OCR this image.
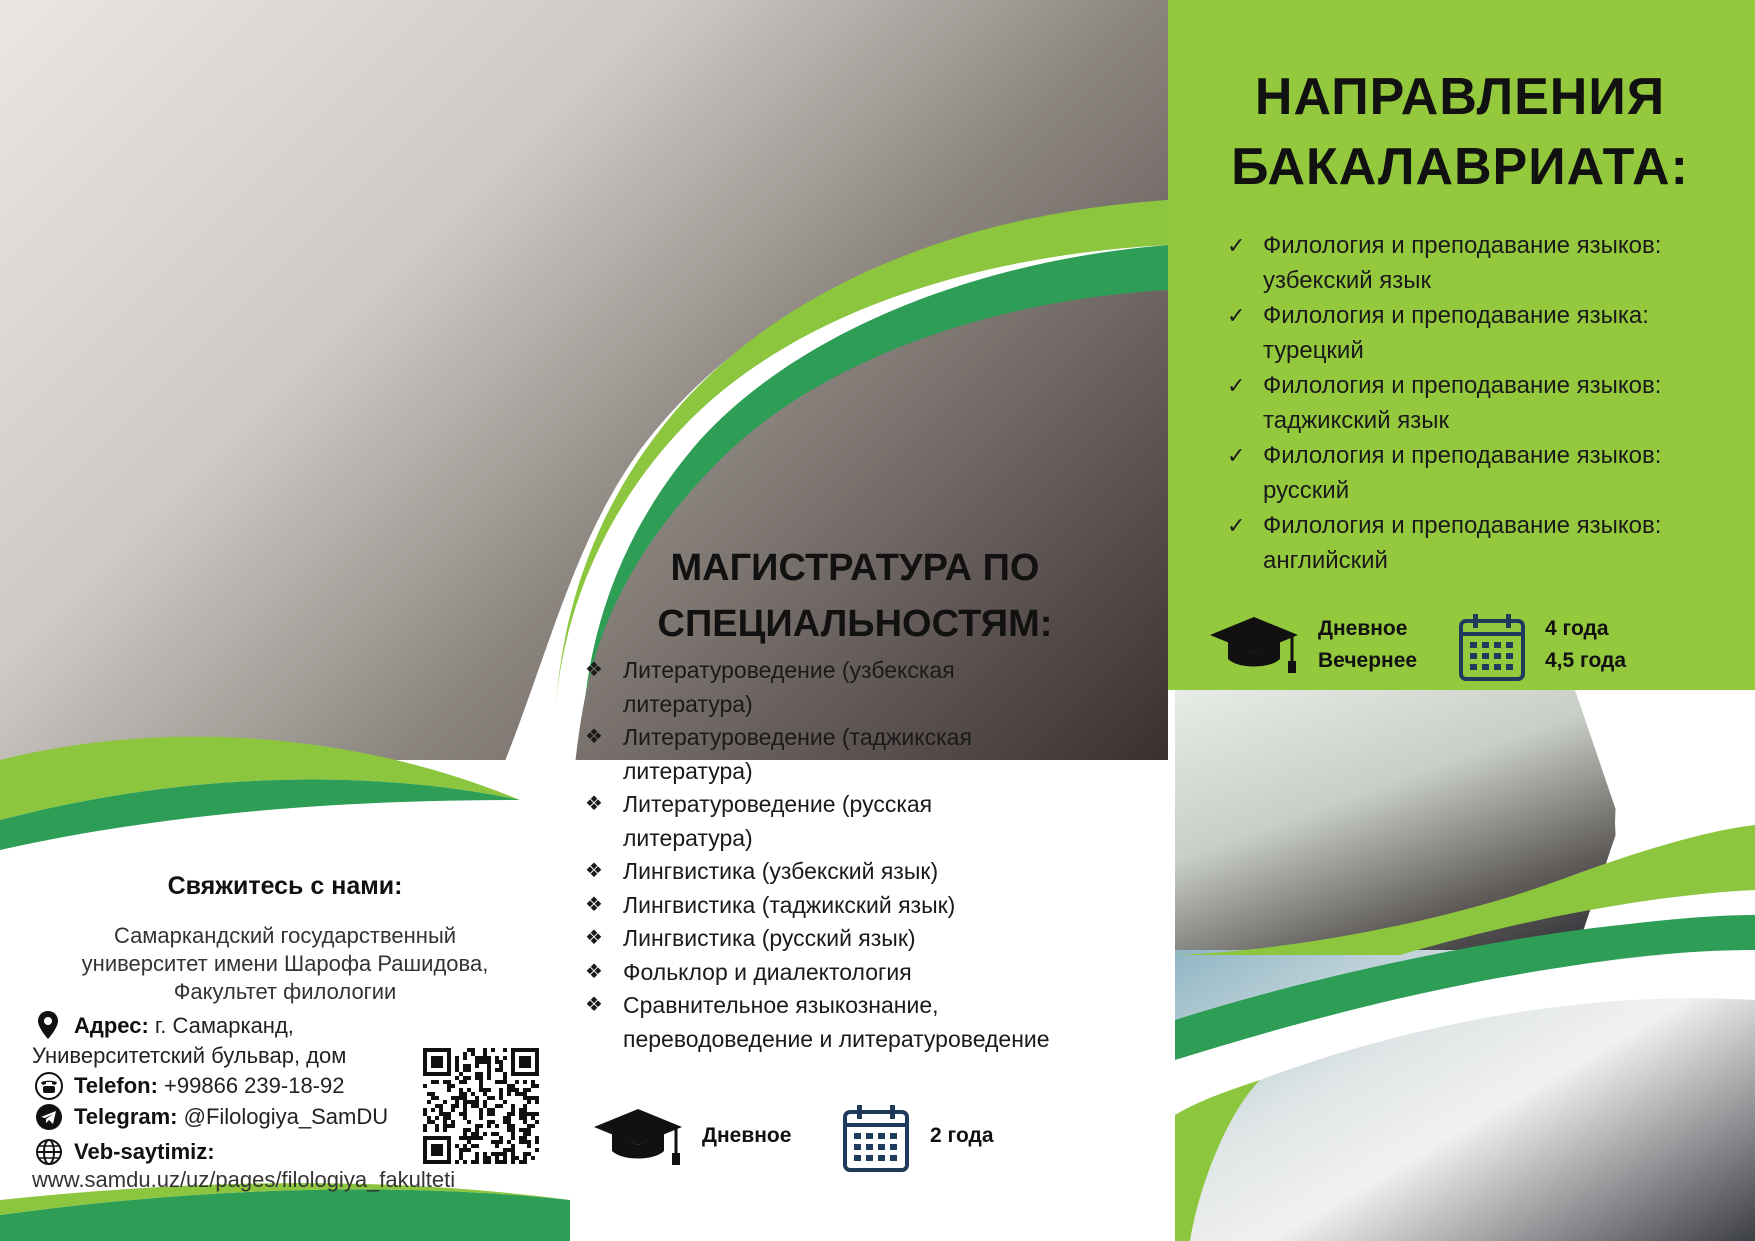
НАПРАВЛЕНИЯ
БАКАЛАВРИАТА:
✓ Филология и преподавание языков:
узбекский язык
✓ Филология и преподавание языка:
турецкий
✓ Филология и преподавание языков:
таджикский язык
✓ Филология и преподавание языков:
русский
✓ Филология и преподавание языков:
английский
Дневное
Вечернее
4 года
4,5 года
МАГИСТРАТУРА ПО
СПЕЦИАЛЬНОСТЯМ:
❖ Литературоведение (узбекская
литература)
❖ Литературоведение (таджикская
литература)
❖ Литературоведение (русская
литература)
❖ Лингвистика (узбекский язык)
❖ Лингвистика (таджикский язык)
❖ Лингвистика (русский язык)
❖ Фольклор и диалектология
❖ Сравнительное языкознание,
переводоведение и литературоведение
Дневное	2 года
Свяжитесь с нами:
Самаркандский государственный
университет имени Шарофа Рашидова,
Факультет филологии
Адрес: г. Самарканд,
Университетский бульвар, дом
Telefon: +99866 239-18-92
Telegram: @Filologiya_SamDU
Veb-saytimiz:
www.samdu.uz/uz/pages/filologiya_fakulteti
